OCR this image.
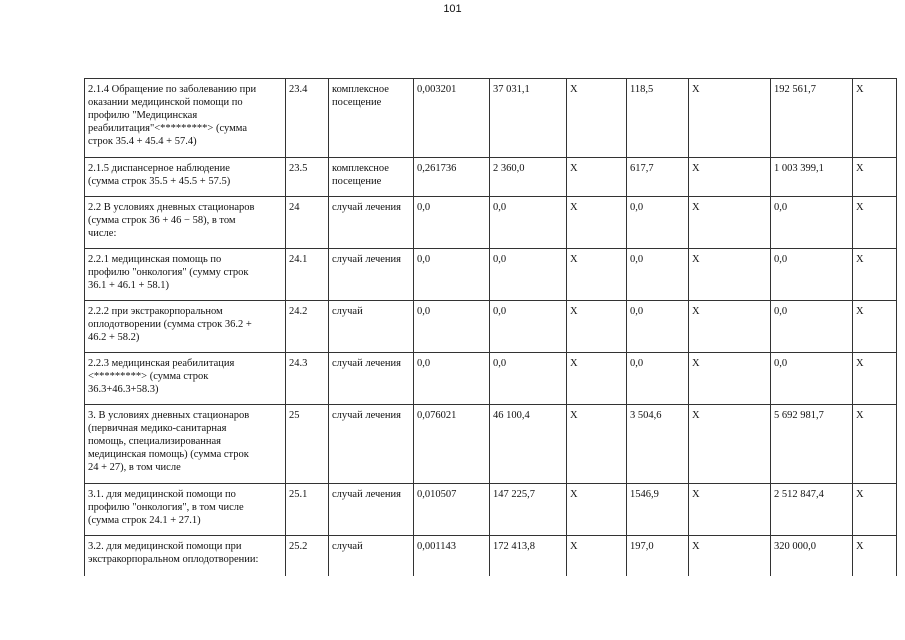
101
2.1.4 Обращение по заболеванию при
оказании медицинской помощи по
профилю "Медицинская
реабилитация"<*********> (сумма
строк 35.4 + 45.4 + 57.4)	23.4	комплексное
посещение	0,003201	37 031,1	Х	118,5	Х	192 561,7	Х
2.1.5 диспансерное наблюдение
(сумма строк 35.5 + 45.5 + 57.5)	23.5	комплексное
посещение	0,261736	2 360,0	Х	617,7	Х	1 003 399,1	Х
2.2 В условиях дневных стационаров
(сумма строк 36 + 46 − 58), в том
числе:	24	случай лечения	0,0	0,0	Х	0,0	Х	0,0	Х
2.2.1 медицинская помощь по
профилю "онкология" (сумму строк
36.1 + 46.1 + 58.1)	24.1	случай лечения	0,0	0,0	Х	0,0	Х	0,0	Х
2.2.2 при экстракорпоральном
оплодотворении (сумма строк 36.2 +
46.2 + 58.2)	24.2	случай	0,0	0,0	Х	0,0	Х	0,0	Х
2.2.3 медицинская реабилитация
<*********> (сумма строк
36.3+46.3+58.3)	24.3	случай лечения	0,0	0,0	Х	0,0	Х	0,0	Х
3. В условиях дневных стационаров
(первичная медико-санитарная
помощь, специализированная
медицинская помощь) (сумма строк
24 + 27), в том числе	25	случай лечения	0,076021	46 100,4	Х	3 504,6	Х	5 692 981,7	Х
3.1. для медицинской помощи по
профилю "онкология", в том числе
(сумма строк 24.1 + 27.1)	25.1	случай лечения	0,010507	147 225,7	Х	1546,9	Х	2 512 847,4	Х
3.2. для медицинской помощи при
экстракорпоральном оплодотворении:	25.2	случай	0,001143	172 413,8	Х	197,0	Х	320 000,0	Х
